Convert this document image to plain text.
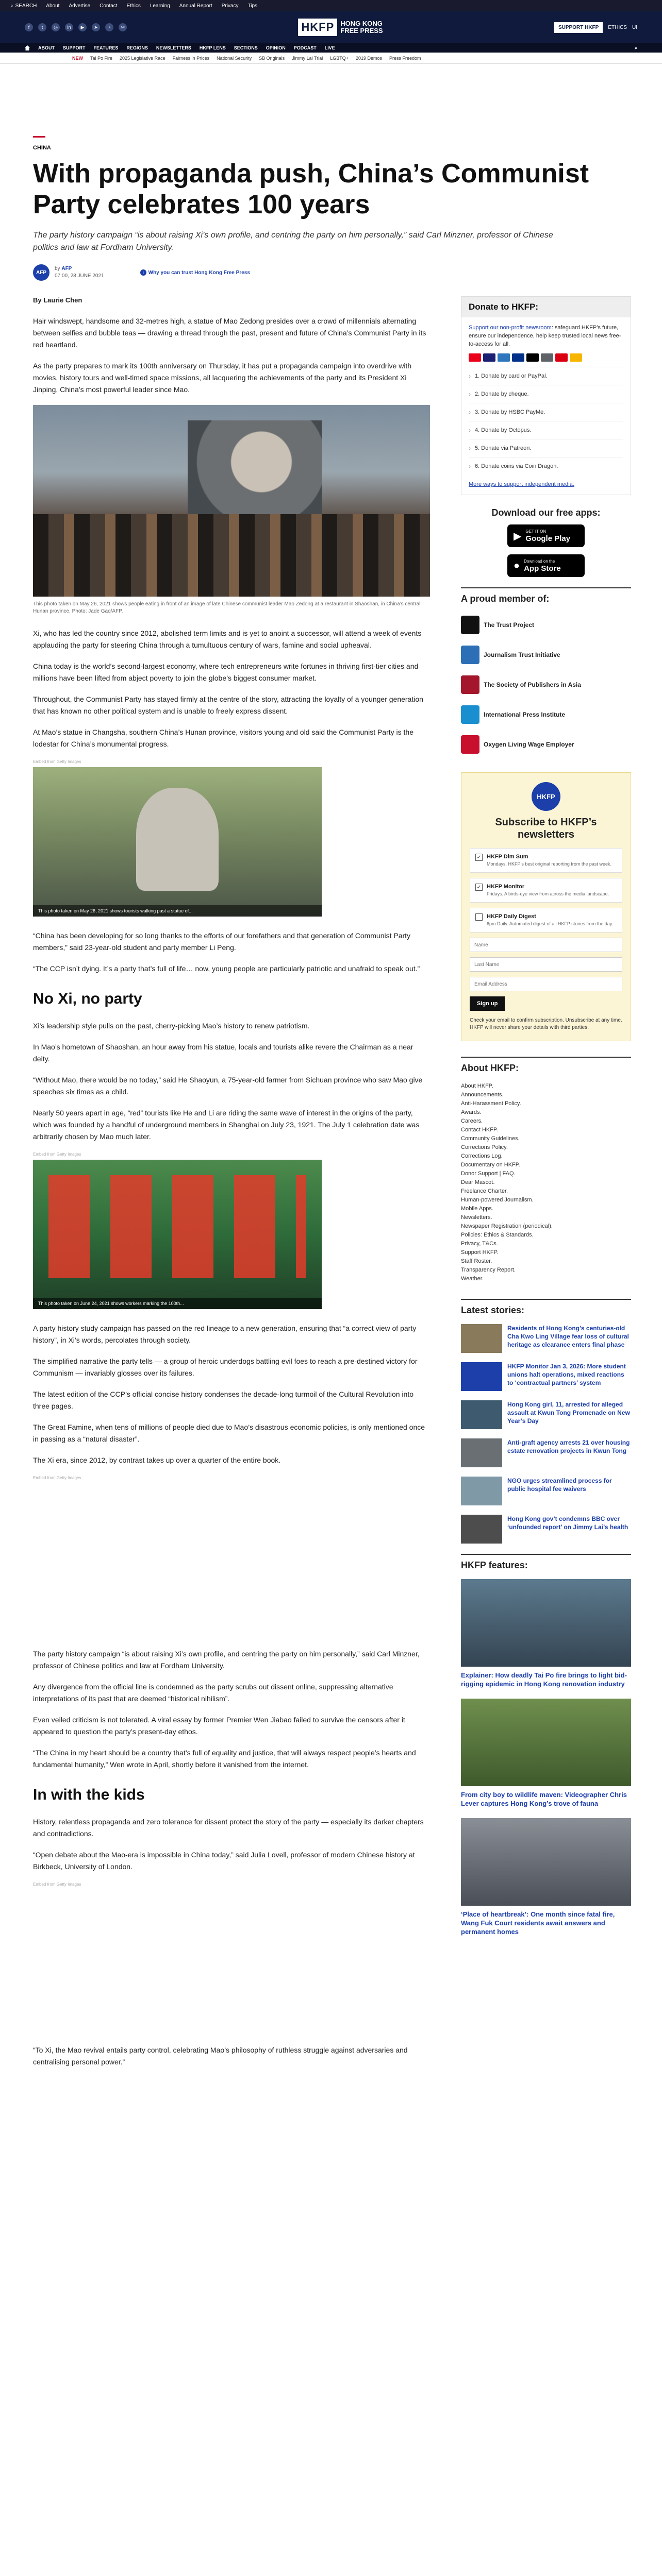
⌕ SEARCH About Advertise Contact Ethics Learning Annual Report Privacy Tips
f	t	◎	in	▶	➤	◔	✉	HKFP HONG KONG
FREE PRESS	SUPPORT HKFP	ETHICS UI
ABOUT SUPPORT FEATURES REGIONS NEWSLETTERS HKFP LENS SECTIONS OPINION PODCAST LIVE	⌕
NEW Tai Po Fire 2025 Legislative Race Fairness in Prices National Security SB Originals Jimmy Lai Trial LGBTQ+ 2019 Demos Press Freedom
CHINA
With propaganda push, China’s Communist Party celebrates 100 years

The party history campaign “is about raising Xi’s own profile, and centring the party on him personally,” said Carl Minzner, professor of Chinese politics and law at Fordham University.

AFP
by AFP
07:00, 28 JUNE 2021
i Why you can trust Hong Kong Free Press
By Laurie Chen

Hair windswept, handsome and 32-metres high, a statue of Mao Zedong presides over a crowd of millennials alternating between selfies and bubble teas — drawing a thread through the past, present and future of China’s Communist Party in its red heartland.

As the party prepares to mark its 100th anniversary on Thursday, it has put a propaganda campaign into overdrive with movies, history tours and well-timed space missions, all lacquering the achievements of the party and its President Xi Jinping, China’s most powerful leader since Mao.

This photo taken on May 26, 2021 shows people eating in front of an image of late Chinese communist leader Mao Zedong at a restaurant in Shaoshan, in China’s central Hunan province. Photo: Jade Gao/AFP.

Xi, who has led the country since 2012, abolished term limits and is yet to anoint a successor, will attend a week of events applauding the party for steering China through a tumultuous century of wars, famine and social upheaval.

China today is the world’s second-largest economy, where tech entrepreneurs write fortunes in thriving first-tier cities and millions have been lifted from abject poverty to join the globe’s biggest consumer market.

Throughout, the Communist Party has stayed firmly at the centre of the story, attracting the loyalty of a younger generation that has known no other political system and is unable to freely express dissent.

At Mao’s statue in Changsha, southern China’s Hunan province, visitors young and old said the Communist Party is the lodestar for China’s monumental progress.

Embed from Getty Images
This photo taken on May 26, 2021 shows tourists walking past a statue of...

“China has been developing for so long thanks to the efforts of our forefathers and that generation of Communist Party members,” said 23-year-old student and party member Li Peng.

“The CCP isn’t dying. It’s a party that’s full of life… now, young people are particularly patriotic and unafraid to speak out.”

No Xi, no party

Xi’s leadership style pulls on the past, cherry-picking Mao’s history to renew patriotism.

In Mao’s hometown of Shaoshan, an hour away from his statue, locals and tourists alike revere the Chairman as a near deity.

“Without Mao, there would be no today,” said He Shaoyun, a 75-year-old farmer from Sichuan province who saw Mao give speeches six times as a child.

Nearly 50 years apart in age, “red” tourists like He and Li are riding the same wave of interest in the origins of the party, which was founded by a handful of underground members in Shanghai on July 23, 1921. The July 1 celebration date was arbitrarily chosen by Mao much later.

Embed from Getty Images
This photo taken on June 24, 2021 shows workers marking the 100th...

A party history study campaign has passed on the red lineage to a new generation, ensuring that “a correct view of party history”, in Xi’s words, percolates through society.

The simplified narrative the party tells — a group of heroic underdogs battling evil foes to reach a pre-destined victory for Communism — invariably glosses over its failures.

The latest edition of the CCP’s official concise history condenses the decade-long turmoil of the Cultural Revolution into three pages.

The Great Famine, when tens of millions of people died due to Mao’s disastrous economic policies, is only mentioned once in passing as a “natural disaster”.

The Xi era, since 2012, by contrast takes up over a quarter of the entire book.

Embed from Getty Images

The party history campaign “is about raising Xi’s own profile, and centring the party on him personally,” said Carl Minzner, professor of Chinese politics and law at Fordham University.

Any divergence from the official line is condemned as the party scrubs out dissent online, suppressing alternative interpretations of its past that are deemed “historical nihilism”.

Even veiled criticism is not tolerated. A viral essay by former Premier Wen Jiabao failed to survive the censors after it appeared to question the party’s present-day ethos.

“The China in my heart should be a country that’s full of equality and justice, that will always respect people’s hearts and fundamental humanity,” Wen wrote in April, shortly before it vanished from the internet.

In with the kids

History, relentless propaganda and zero tolerance for dissent protect the story of the party — especially its darker chapters and contradictions.

“Open debate about the Mao-era is impossible in China today,” said Julia Lovell, professor of modern Chinese history at Birkbeck, University of London.

Embed from Getty Images

“To Xi, the Mao revival entails party control, celebrating Mao’s philosophy of ruthless struggle against adversaries and centralising personal power.”

Donate to HKFP:
Support our non-profit newsroom: safeguard HKFP’s future, ensure our independence, help keep trusted local news free-to-access for all.
› 1. Donate by card or PayPal.
› 2. Donate by cheque.
› 3. Donate by HSBC PayMe.
› 4. Donate by Octopus.
› 5. Donate via Patreon.
› 6. Donate coins via Coin Dragon.
More ways to support independent media.
Download our free apps:
▶ GET IT ON
Google Play
● Download on the
App Store
A proud member of:
The Trust Project
Journalism Trust Initiative
The Society of Publishers in Asia
International Press Institute
Oxygen Living Wage Employer
HKFP
Subscribe to HKFP’s newsletters
✓ HKFP Dim Sum
Mondays. HKFP’s best original reporting from the past week.
✓ HKFP Monitor
Fridays. A birds-eye view from across the media landscape.
HKFP Daily Digest
6pm Daily. Automated digest of all HKFP stories from the day.
Name Last Name Email Address Sign up
Check your email to confirm subscription. Unsubscribe at any time. HKFP will never share your details with third parties.
About HKFP:
About HKFP.
Announcements.
Anti-Harassment Policy.
Awards.
Careers.
Contact HKFP.
Community Guidelines.
Corrections Policy.
Corrections Log.
Documentary on HKFP.
Donor Support | FAQ.
Dear Mascot.
Freelance Charter.
Human-powered Journalism.
Mobile Apps.
Newsletters.
Newspaper Registration (periodical).
Policies: Ethics & Standards.
Privacy, T&Cs.
Support HKFP.
Staff Roster.
Transparency Report.
Weather.
Latest stories:
Residents of Hong Kong’s centuries-old Cha Kwo Ling Village fear loss of cultural heritage as clearance enters final phase
HKFP Monitor Jan 3, 2026: More student unions halt operations, mixed reactions to ‘contractual partners’ system
Hong Kong girl, 11, arrested for alleged assault at Kwun Tong Promenade on New Year’s Day
Anti-graft agency arrests 21 over housing estate renovation projects in Kwun Tong
NGO urges streamlined process for public hospital fee waivers
Hong Kong gov’t condemns BBC over ‘unfounded report’ on Jimmy Lai’s health
HKFP features:
Explainer: How deadly Tai Po fire brings to light bid-rigging epidemic in Hong Kong renovation industry
From city boy to wildlife maven: Videographer Chris Lever captures Hong Kong’s trove of fauna
‘Place of heartbreak’: One month since fatal fire, Wang Fuk Court residents await answers and permanent homes
